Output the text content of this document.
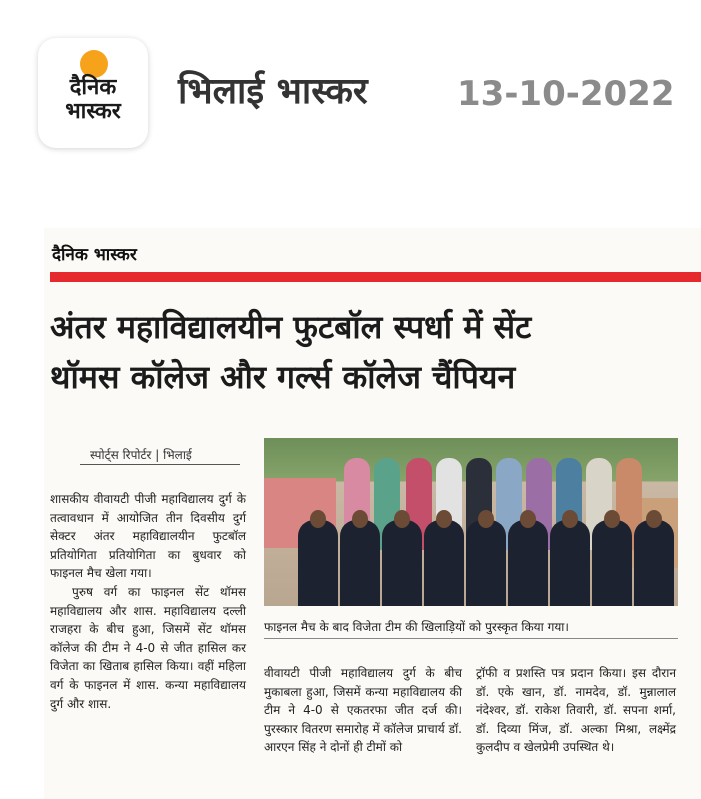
दैनिक
भास्कर	भिलाई भास्कर	13-10-2022
दैनिक भास्कर
अंतर महाविद्यालयीन फुटबॉल स्पर्धा में सेंट
थॉमस कॉलेज और गर्ल्स कॉलेज चैंपियन
स्पोर्ट्स रिपोर्टर | भिलाई
फाइनल मैच के बाद विजेता टीम की खिलाड़ियों को पुरस्कृत किया गया।

शासकीय वीवायटी पीजी महाविद्यालय दुर्ग के तत्वावधान में आयोजित तीन दिवसीय दुर्ग सेक्टर अंतर महाविद्यालयीन फुटबॉल प्रतियोगिता प्रतियोगिता का बुधवार को फाइनल मैच खेला गया।

पुरुष वर्ग का फाइनल सेंट थॉमस महाविद्यालय और शास. महाविद्यालय दल्ली राजहरा के बीच हुआ, जिसमें सेंट थॉमस कॉलेज की टीम ने 4-0 से जीत हासिल कर विजेता का खिताब हासिल किया। वहीं महिला वर्ग के फाइनल में शास. कन्या महाविद्यालय दुर्ग और शास.

वीवायटी पीजी महाविद्यालय दुर्ग के बीच मुकाबला हुआ, जिसमें कन्या महाविद्यालय की टीम ने 4-0 से एकतरफा जीत दर्ज की। पुरस्कार वितरण समारोह में कॉलेज प्राचार्य डॉ. आरएन सिंह ने दोनों ही टीमों को

ट्रॉफी व प्रशस्ति पत्र प्रदान किया। इस दौरान डॉ. एके खान, डॉ. नामदेव, डॉ. मुन्नालाल नंदेश्वर, डॉ. राकेश तिवारी, डॉ. सपना शर्मा, डॉ. दिव्या मिंज, डॉ. अल्का मिश्रा, लक्ष्मेंद्र कुलदीप व खेलप्रेमी उपस्थित थे।
